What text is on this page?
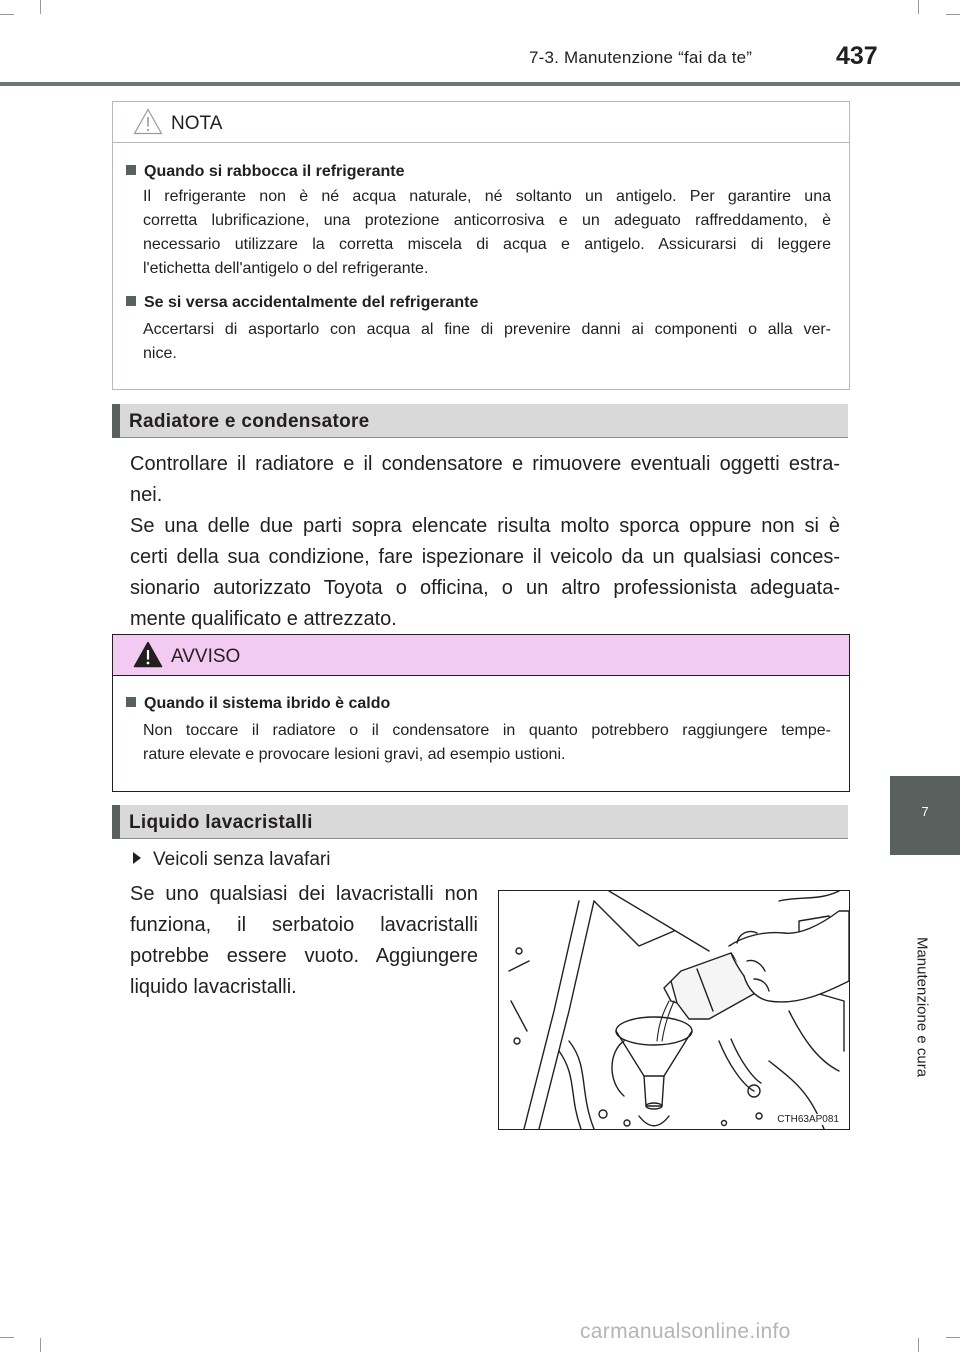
7-3. Manutenzione “fai da te”	437
7
Manutenzione e cura
NOTA
Quando si rabbocca il refrigerante
Il refrigerante non è né acqua naturale, né soltanto un antigelo. Per garantire una
corretta lubrificazione, una protezione anticorrosiva e un adeguato raffreddamento, è
necessario utilizzare la corretta miscela di acqua e antigelo. Assicurarsi di leggere
l'etichetta dell'antigelo o del refrigerante.
Se si versa accidentalmente del refrigerante
Accertarsi di asportarlo con acqua al fine di prevenire danni ai componenti o alla ver-
nice.
Radiatore e condensatore
Controllare il radiatore e il condensatore e rimuovere eventuali oggetti estra-
nei.
Se una delle due parti sopra elencate risulta molto sporca oppure non si è
certi della sua condizione, fare ispezionare il veicolo da un qualsiasi conces-
sionario autorizzato Toyota o officina, o un altro professionista adeguata-
mente qualificato e attrezzato.
AVVISO
Quando il sistema ibrido è caldo
Non toccare il radiatore o il condensatore in quanto potrebbero raggiungere tempe-
rature elevate e provocare lesioni gravi, ad esempio ustioni.
Liquido lavacristalli
Veicoli senza lavafari
Se uno qualsiasi dei lavacristalli non
funziona, il serbatoio lavacristalli
potrebbe essere vuoto. Aggiungere
liquido lavacristalli.
CTH63AP081
carmanualsonline.info
